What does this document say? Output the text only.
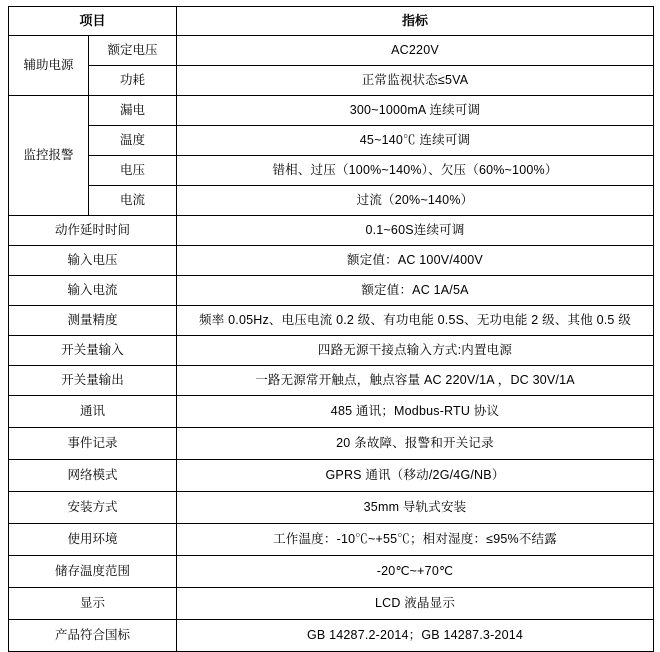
项目		指标
辅助电源	额定电压	AC220V
	功耗	正常监视状态≤5VA
监控报警	漏电	300~1000mA 连续可调
	温度	45~140℃ 连续可调
	电压	错相、过压（100%~140%）、欠压（60%~100%）
	电流	过流（20%~140%）
动作延时时间		0.1~60S连续可调
输入电压		额定值：AC 100V/400V
输入电流		额定值：AC 1A/5A
测量精度		频率 0.05Hz、电压电流 0.2 级、有功电能 0.5S、无功电能 2 级、其他 0.5 级
开关量输入		四路无源干接点输入方式:内置电源
开关量输出		一路无源常开触点，触点容量 AC 220V/1A ，DC 30V/1A
通讯		485 通讯；Modbus-RTU 协议
事件记录		20 条故障、报警和开关记录
网络模式		GPRS 通讯（移动/2G/4G/NB）
安装方式		35mm 导轨式安装
使用环境		工作温度：-10℃~+55℃；相对湿度：≤95%不结露
储存温度范围		-20℃~+70℃
显示		LCD 液晶显示
产品符合国标		GB 14287.2-2014；GB 14287.3-2014
